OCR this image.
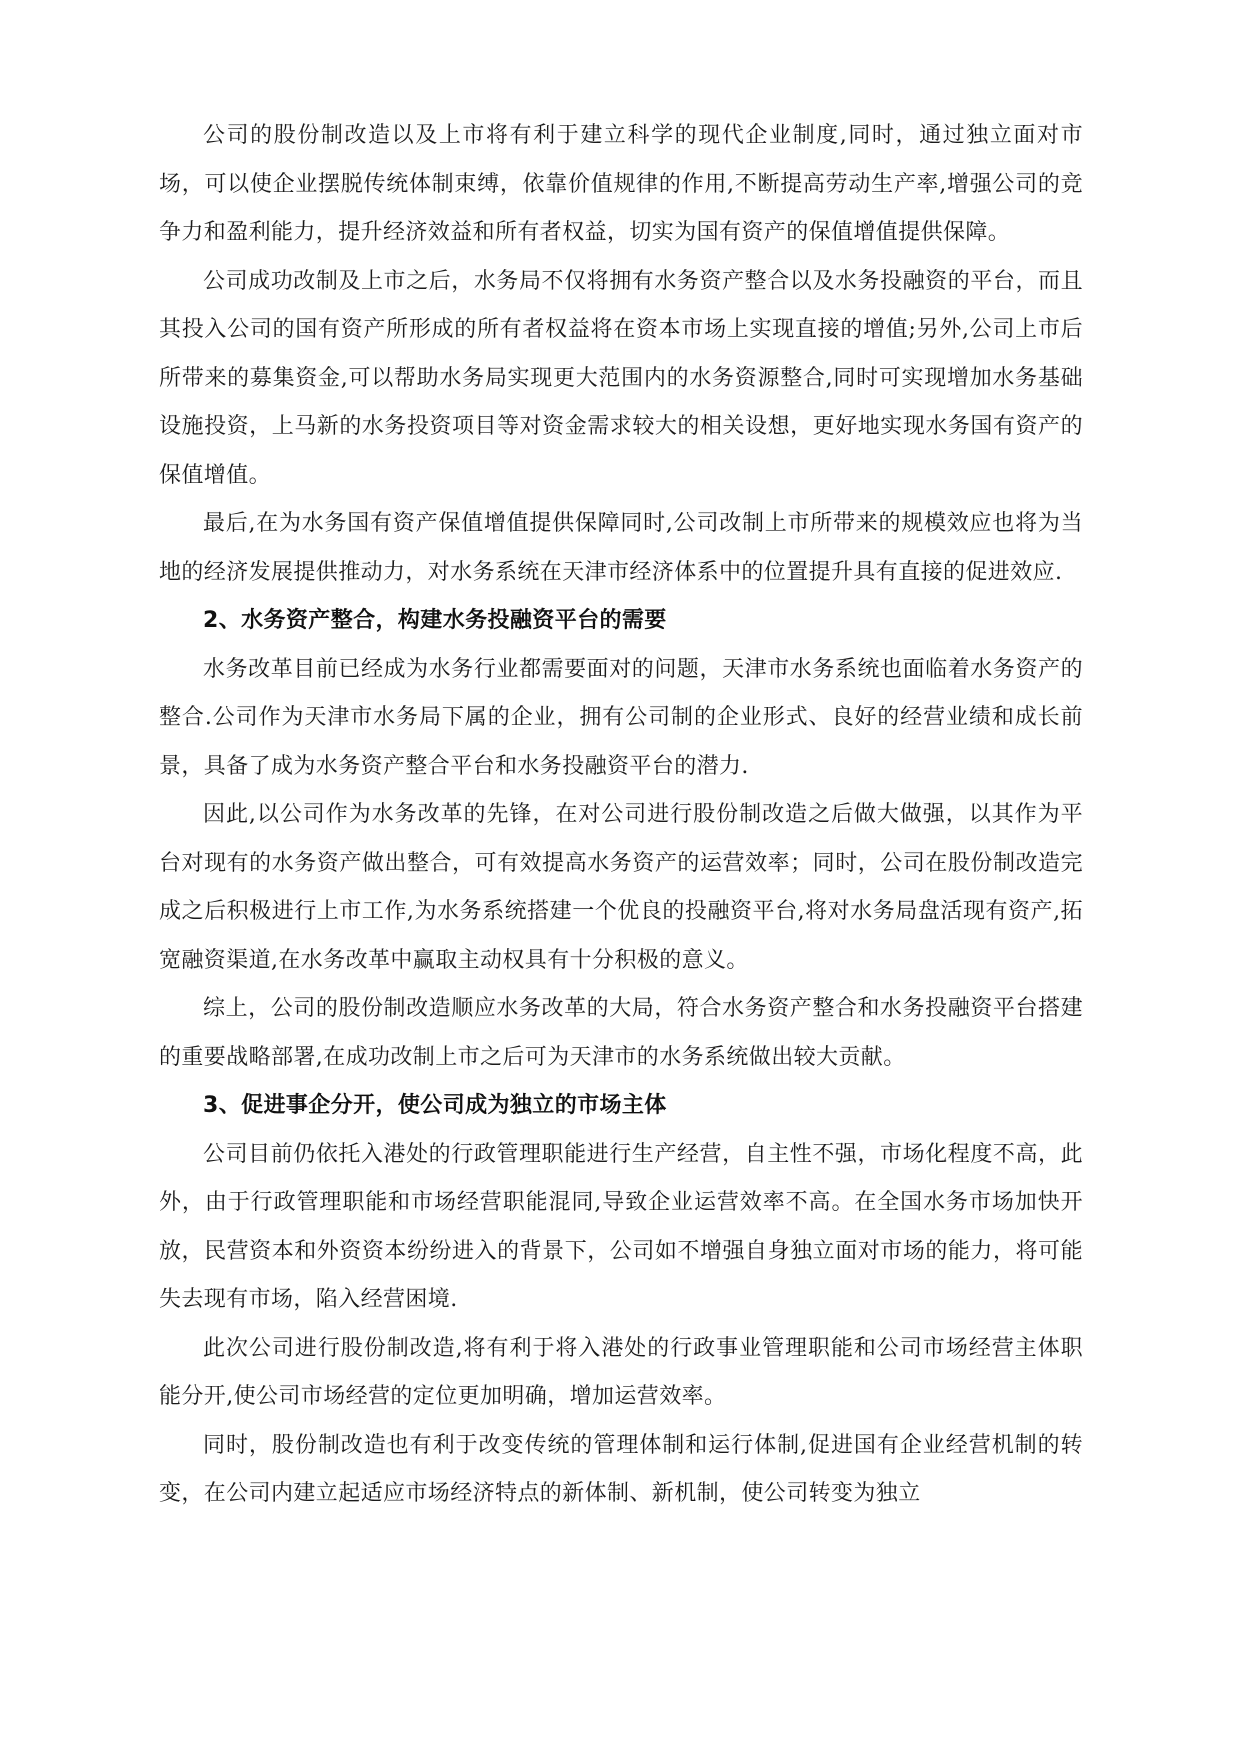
公司的股份制改造以及上市将有利于建立科学的现代企业制度,同时，通过独立面对市场，可以使企业摆脱传统体制束缚，依靠价值规律的作用,不断提高劳动生产率,增强公司的竞争力和盈利能力，提升经济效益和所有者权益，切实为国有资产的保值增值提供保障。

公司成功改制及上市之后，水务局不仅将拥有水务资产整合以及水务投融资的平台，而且其投入公司的国有资产所形成的所有者权益将在资本市场上实现直接的增值;另外,公司上市后所带来的募集资金,可以帮助水务局实现更大范围内的水务资源整合,同时可实现增加水务基础设施投资，上马新的水务投资项目等对资金需求较大的相关设想，更好地实现水务国有资产的保值增值。

最后,在为水务国有资产保值增值提供保障同时,公司改制上市所带来的规模效应也将为当地的经济发展提供推动力，对水务系统在天津市经济体系中的位置提升具有直接的促进效应.

2、水务资产整合，构建水务投融资平台的需要

水务改革目前已经成为水务行业都需要面对的问题，天津市水务系统也面临着水务资产的整合.公司作为天津市水务局下属的企业，拥有公司制的企业形式、良好的经营业绩和成长前景，具备了成为水务资产整合平台和水务投融资平台的潜力.

因此,以公司作为水务改革的先锋，在对公司进行股份制改造之后做大做强，以其作为平台对现有的水务资产做出整合，可有效提高水务资产的运营效率；同时，公司在股份制改造完成之后积极进行上市工作,为水务系统搭建一个优良的投融资平台,将对水务局盘活现有资产,拓宽融资渠道,在水务改革中赢取主动权具有十分积极的意义。

综上，公司的股份制改造顺应水务改革的大局，符合水务资产整合和水务投融资平台搭建的重要战略部署,在成功改制上市之后可为天津市的水务系统做出较大贡献。

3、促进事企分开，使公司成为独立的市场主体

公司目前仍依托入港处的行政管理职能进行生产经营，自主性不强，市场化程度不高，此外，由于行政管理职能和市场经营职能混同,导致企业运营效率不高。在全国水务市场加快开放，民营资本和外资资本纷纷进入的背景下，公司如不增强自身独立面对市场的能力，将可能失去现有市场，陷入经营困境.

此次公司进行股份制改造,将有利于将入港处的行政事业管理职能和公司市场经营主体职能分开,使公司市场经营的定位更加明确，增加运营效率。

同时，股份制改造也有利于改变传统的管理体制和运行体制,促进国有企业经营机制的转变，在公司内建立起适应市场经济特点的新体制、新机制，使公司转变为独立
